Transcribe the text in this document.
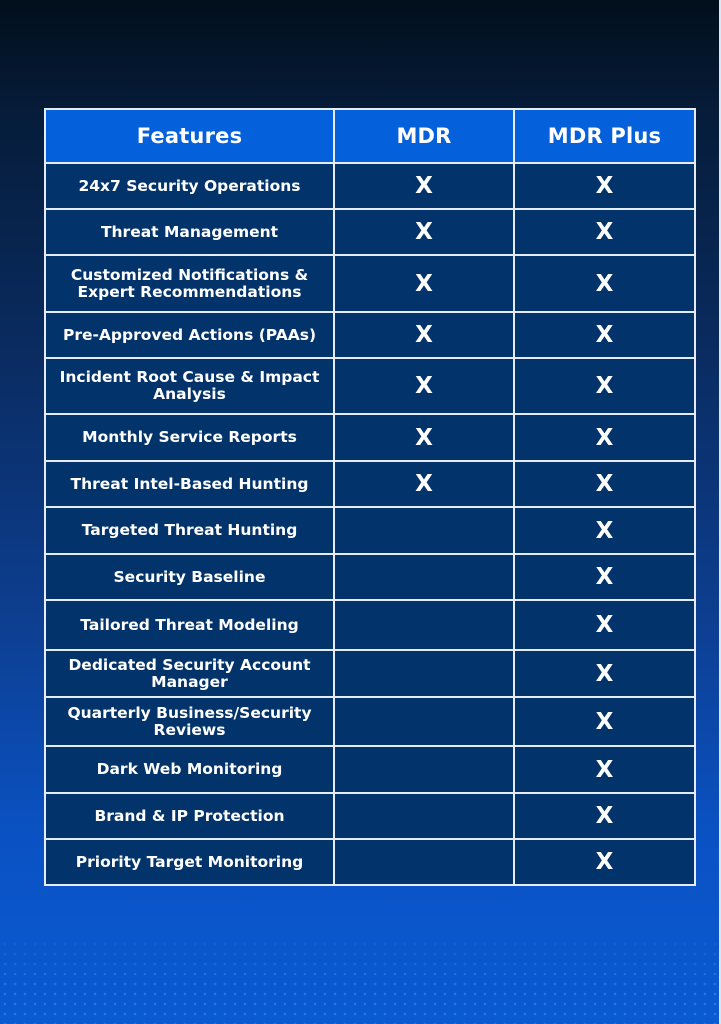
Features	MDR	MDR Plus
24x7 Security Operations	X	X
Threat Management	X	X
Customized Notifications & Expert Recommendations	X	X
Pre-Approved Actions (PAAs)	X	X
Incident Root Cause & Impact Analysis	X	X
Monthly Service Reports	X	X
Threat Intel-Based Hunting	X	X
Targeted Threat Hunting		X
Security Baseline		X
Tailored Threat Modeling		X
Dedicated Security Account Manager		X
Quarterly Business/Security Reviews		X
Dark Web Monitoring		X
Brand & IP Protection		X
Priority Target Monitoring		X
